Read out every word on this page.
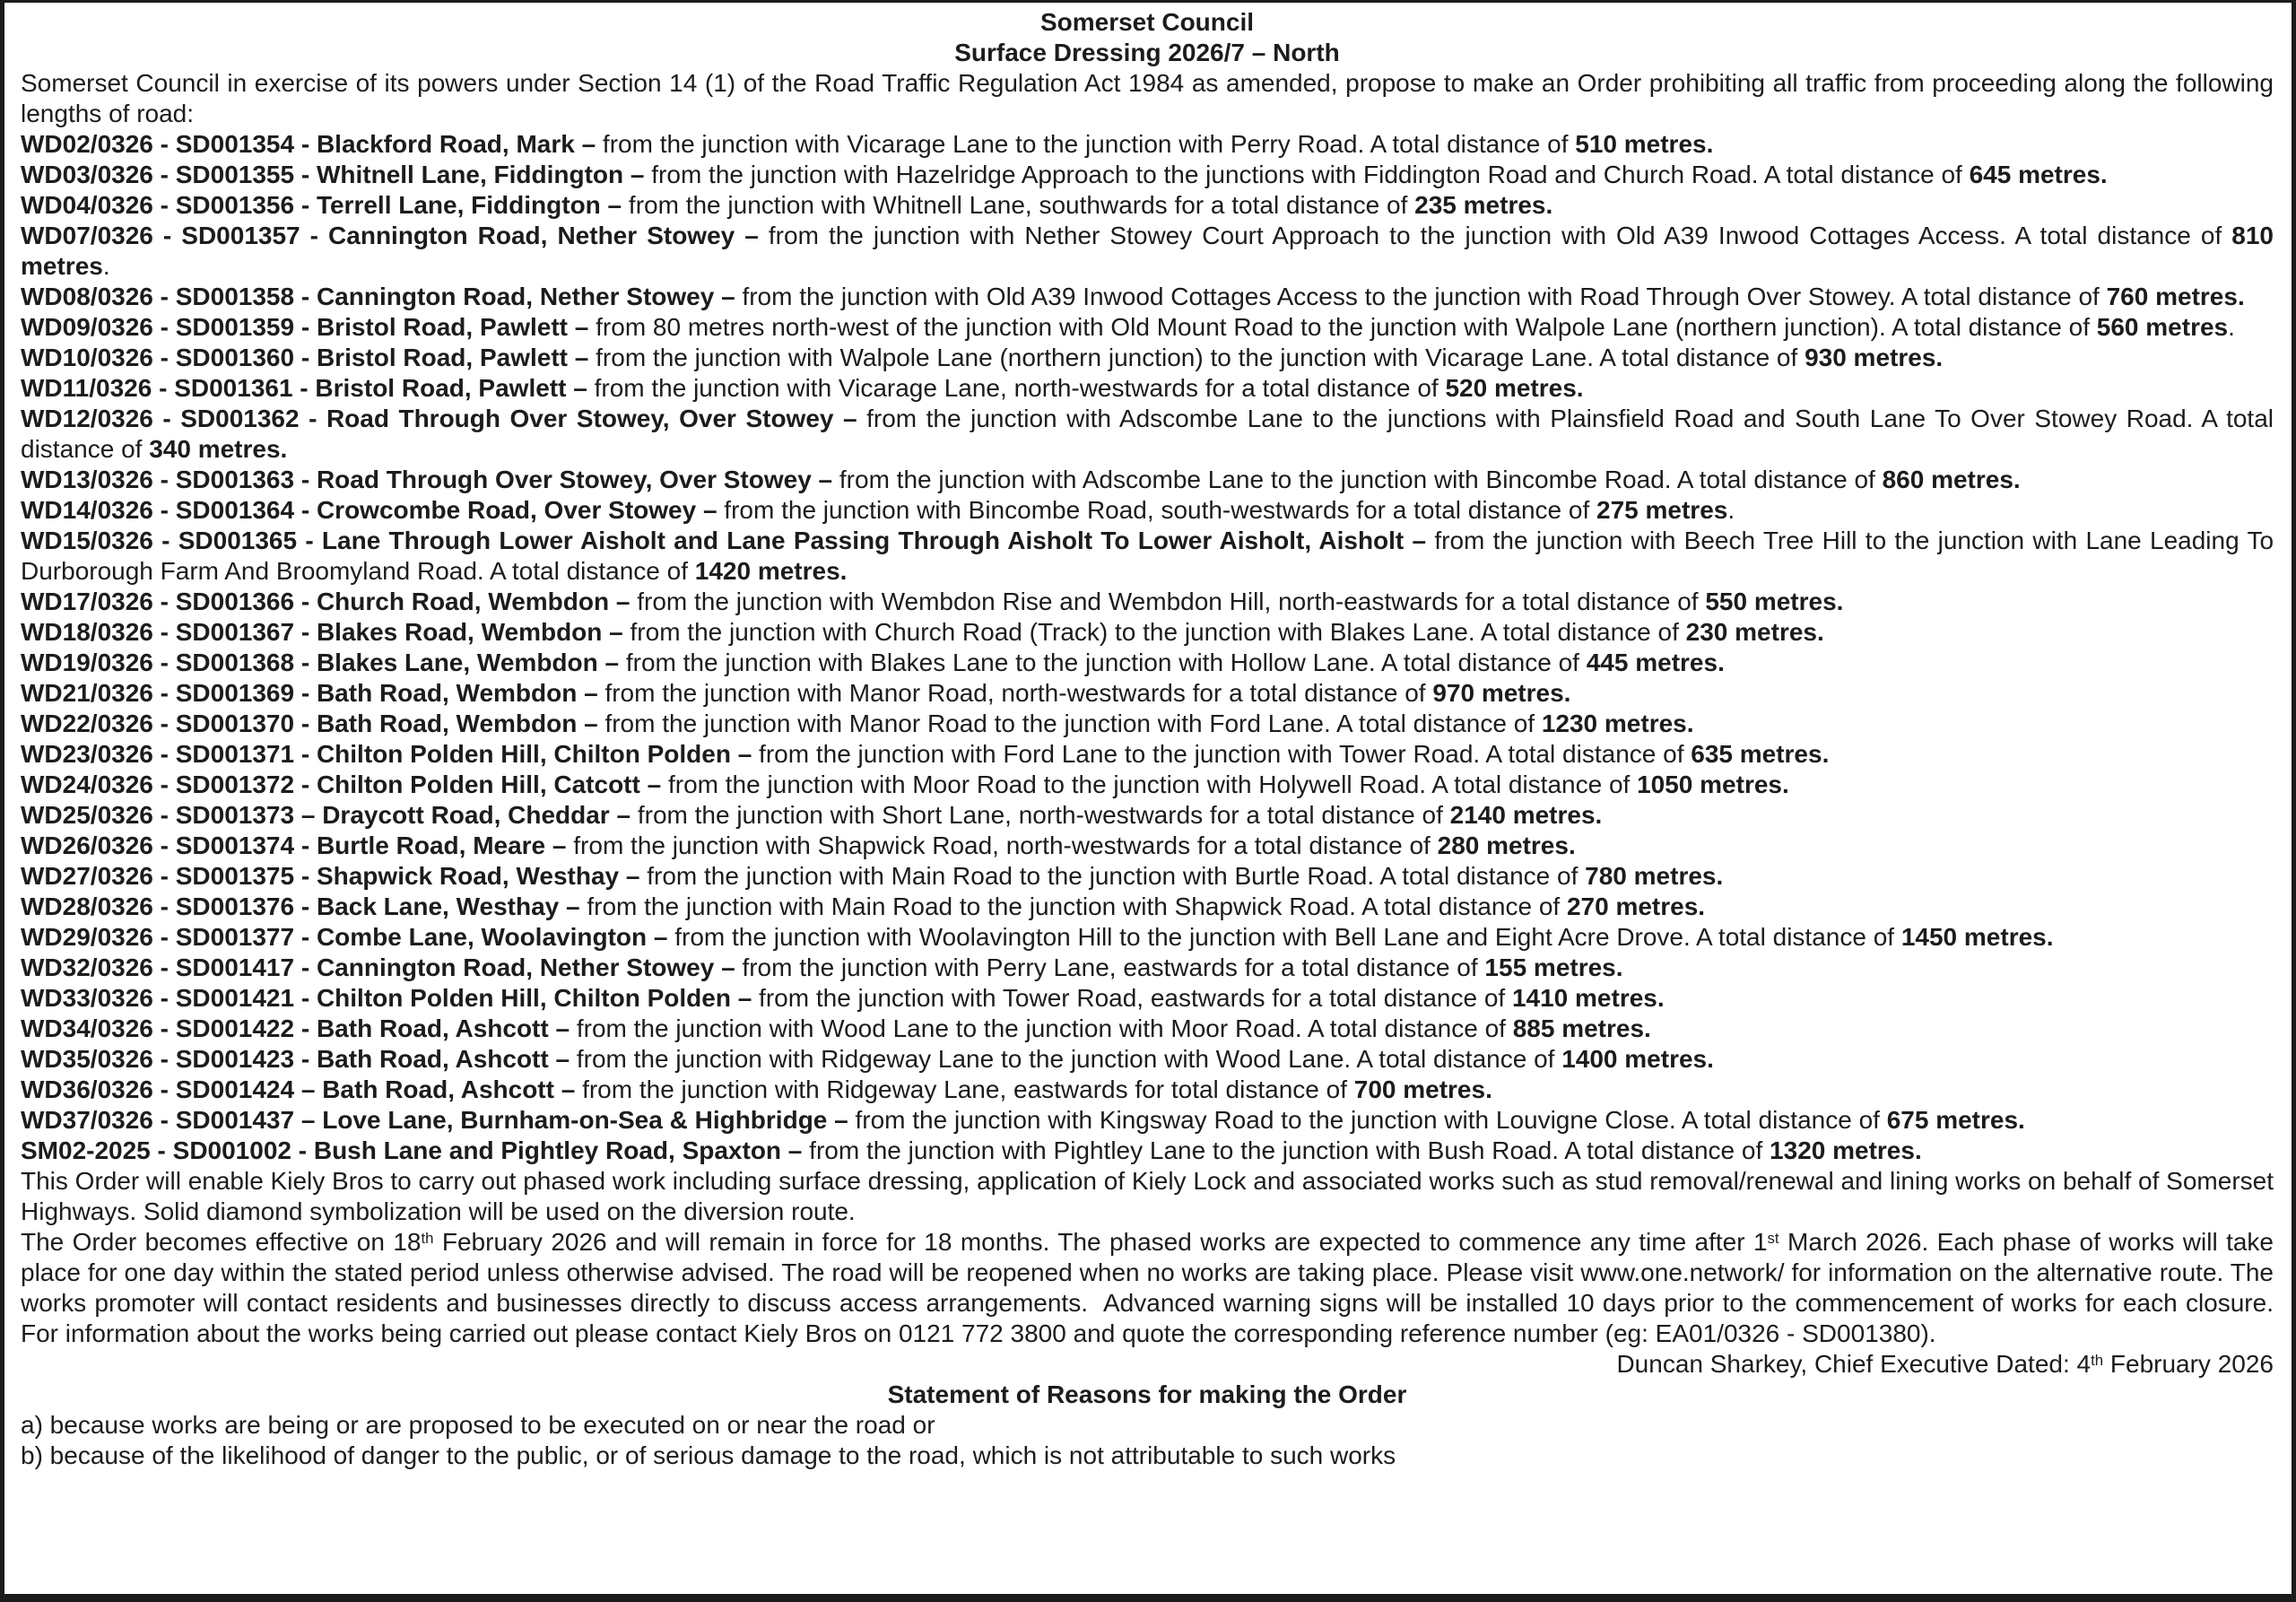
Somerset Council

Surface Dressing 2026/7 – North

Somerset Council in exercise of its powers under Section 14 (1) of the Road Traffic Regulation Act 1984 as amended, propose to make an Order prohibiting all traffic from proceeding along the following lengths of road:

WD02/0326 - SD001354 - Blackford Road, Mark – from the junction with Vicarage Lane to the junction with Perry Road. A total distance of 510 metres.

WD03/0326 - SD001355 - Whitnell Lane, Fiddington – from the junction with Hazelridge Approach to the junctions with Fiddington Road and Church Road. A total distance of 645 metres.

WD04/0326 - SD001356 - Terrell Lane, Fiddington – from the junction with Whitnell Lane, southwards for a total distance of 235 metres.

WD07/0326 - SD001357 - Cannington Road, Nether Stowey – from the junction with Nether Stowey Court Approach to the junction with Old A39 Inwood Cottages Access. A total distance of 810 metres.

WD08/0326 - SD001358 - Cannington Road, Nether Stowey – from the junction with Old A39 Inwood Cottages Access to the junction with Road Through Over Stowey. A total distance of 760 metres.

WD09/0326 - SD001359 - Bristol Road, Pawlett – from 80 metres north-west of the junction with Old Mount Road to the junction with Walpole Lane (northern junction). A total distance of 560 metres.

WD10/0326 - SD001360 - Bristol Road, Pawlett – from the junction with Walpole Lane (northern junction) to the junction with Vicarage Lane. A total distance of 930 metres.

WD11/0326 - SD001361 - Bristol Road, Pawlett – from the junction with Vicarage Lane, north-westwards for a total distance of 520 metres.

WD12/0326 - SD001362 - Road Through Over Stowey, Over Stowey – from the junction with Adscombe Lane to the junctions with Plainsfield Road and South Lane To Over Stowey Road. A total distance of 340 metres.

WD13/0326 - SD001363 - Road Through Over Stowey, Over Stowey – from the junction with Adscombe Lane to the junction with Bincombe Road. A total distance of 860 metres.

WD14/0326 - SD001364 - Crowcombe Road, Over Stowey – from the junction with Bincombe Road, south-westwards for a total distance of 275 metres.

WD15/0326 - SD001365 - Lane Through Lower Aisholt and Lane Passing Through Aisholt To Lower Aisholt, Aisholt – from the junction with Beech Tree Hill to the junction with Lane Leading To Durborough Farm And Broomyland Road. A total distance of 1420 metres.

WD17/0326 - SD001366 - Church Road, Wembdon – from the junction with Wembdon Rise and Wembdon Hill, north-eastwards for a total distance of 550 metres.

WD18/0326 - SD001367 - Blakes Road, Wembdon – from the junction with Church Road (Track) to the junction with Blakes Lane. A total distance of 230 metres.

WD19/0326 - SD001368 - Blakes Lane, Wembdon – from the junction with Blakes Lane to the junction with Hollow Lane. A total distance of 445 metres.

WD21/0326 - SD001369 - Bath Road, Wembdon – from the junction with Manor Road, north-westwards for a total distance of 970 metres.

WD22/0326 - SD001370 - Bath Road, Wembdon – from the junction with Manor Road to the junction with Ford Lane. A total distance of 1230 metres.

WD23/0326 - SD001371 - Chilton Polden Hill, Chilton Polden – from the junction with Ford Lane to the junction with Tower Road. A total distance of 635 metres.

WD24/0326 - SD001372 - Chilton Polden Hill, Catcott – from the junction with Moor Road to the junction with Holywell Road. A total distance of 1050 metres.

WD25/0326 - SD001373 – Draycott Road, Cheddar – from the junction with Short Lane, north-westwards for a total distance of 2140 metres.

WD26/0326 - SD001374 - Burtle Road, Meare – from the junction with Shapwick Road, north-westwards for a total distance of 280 metres.

WD27/0326 - SD001375 - Shapwick Road, Westhay – from the junction with Main Road to the junction with Burtle Road. A total distance of 780 metres.

WD28/0326 - SD001376 - Back Lane, Westhay – from the junction with Main Road to the junction with Shapwick Road. A total distance of 270 metres.

WD29/0326 - SD001377 - Combe Lane, Woolavington – from the junction with Woolavington Hill to the junction with Bell Lane and Eight Acre Drove. A total distance of 1450 metres.

WD32/0326 - SD001417 - Cannington Road, Nether Stowey – from the junction with Perry Lane, eastwards for a total distance of 155 metres.

WD33/0326 - SD001421 - Chilton Polden Hill, Chilton Polden – from the junction with Tower Road, eastwards for a total distance of 1410 metres.

WD34/0326 - SD001422 - Bath Road, Ashcott – from the junction with Wood Lane to the junction with Moor Road. A total distance of 885 metres.

WD35/0326 - SD001423 - Bath Road, Ashcott – from the junction with Ridgeway Lane to the junction with Wood Lane. A total distance of 1400 metres.

WD36/0326 - SD001424 – Bath Road, Ashcott – from the junction with Ridgeway Lane, eastwards for total distance of 700 metres.

WD37/0326 - SD001437 – Love Lane, Burnham-on-Sea & Highbridge – from the junction with Kingsway Road to the junction with Louvigne Close. A total distance of 675 metres.

SM02-2025 - SD001002 - Bush Lane and Pightley Road, Spaxton – from the junction with Pightley Lane to the junction with Bush Road. A total distance of 1320 metres.

This Order will enable Kiely Bros to carry out phased work including surface dressing, application of Kiely Lock and associated works such as stud removal/renewal and lining works on behalf of Somerset Highways. Solid diamond symbolization will be used on the diversion route.

The Order becomes effective on 18th February 2026 and will remain in force for 18 months. The phased works are expected to commence any time after 1st March 2026. Each phase of works will take place for one day within the stated period unless otherwise advised. The road will be reopened when no works are taking place. Please visit www.one.network/ for information on the alternative route. The works promoter will contact residents and businesses directly to discuss access arrangements.  Advanced warning signs will be installed 10 days prior to the commencement of works for each closure. For information about the works being carried out please contact Kiely Bros on 0121 772 3800 and quote the corresponding reference number (eg: EA01/0326 - SD001380).

Duncan Sharkey, Chief Executive Dated: 4th February 2026

Statement of Reasons for making the Order

a) because works are being or are proposed to be executed on or near the road or

b) because of the likelihood of danger to the public, or of serious damage to the road, which is not attributable to such works
